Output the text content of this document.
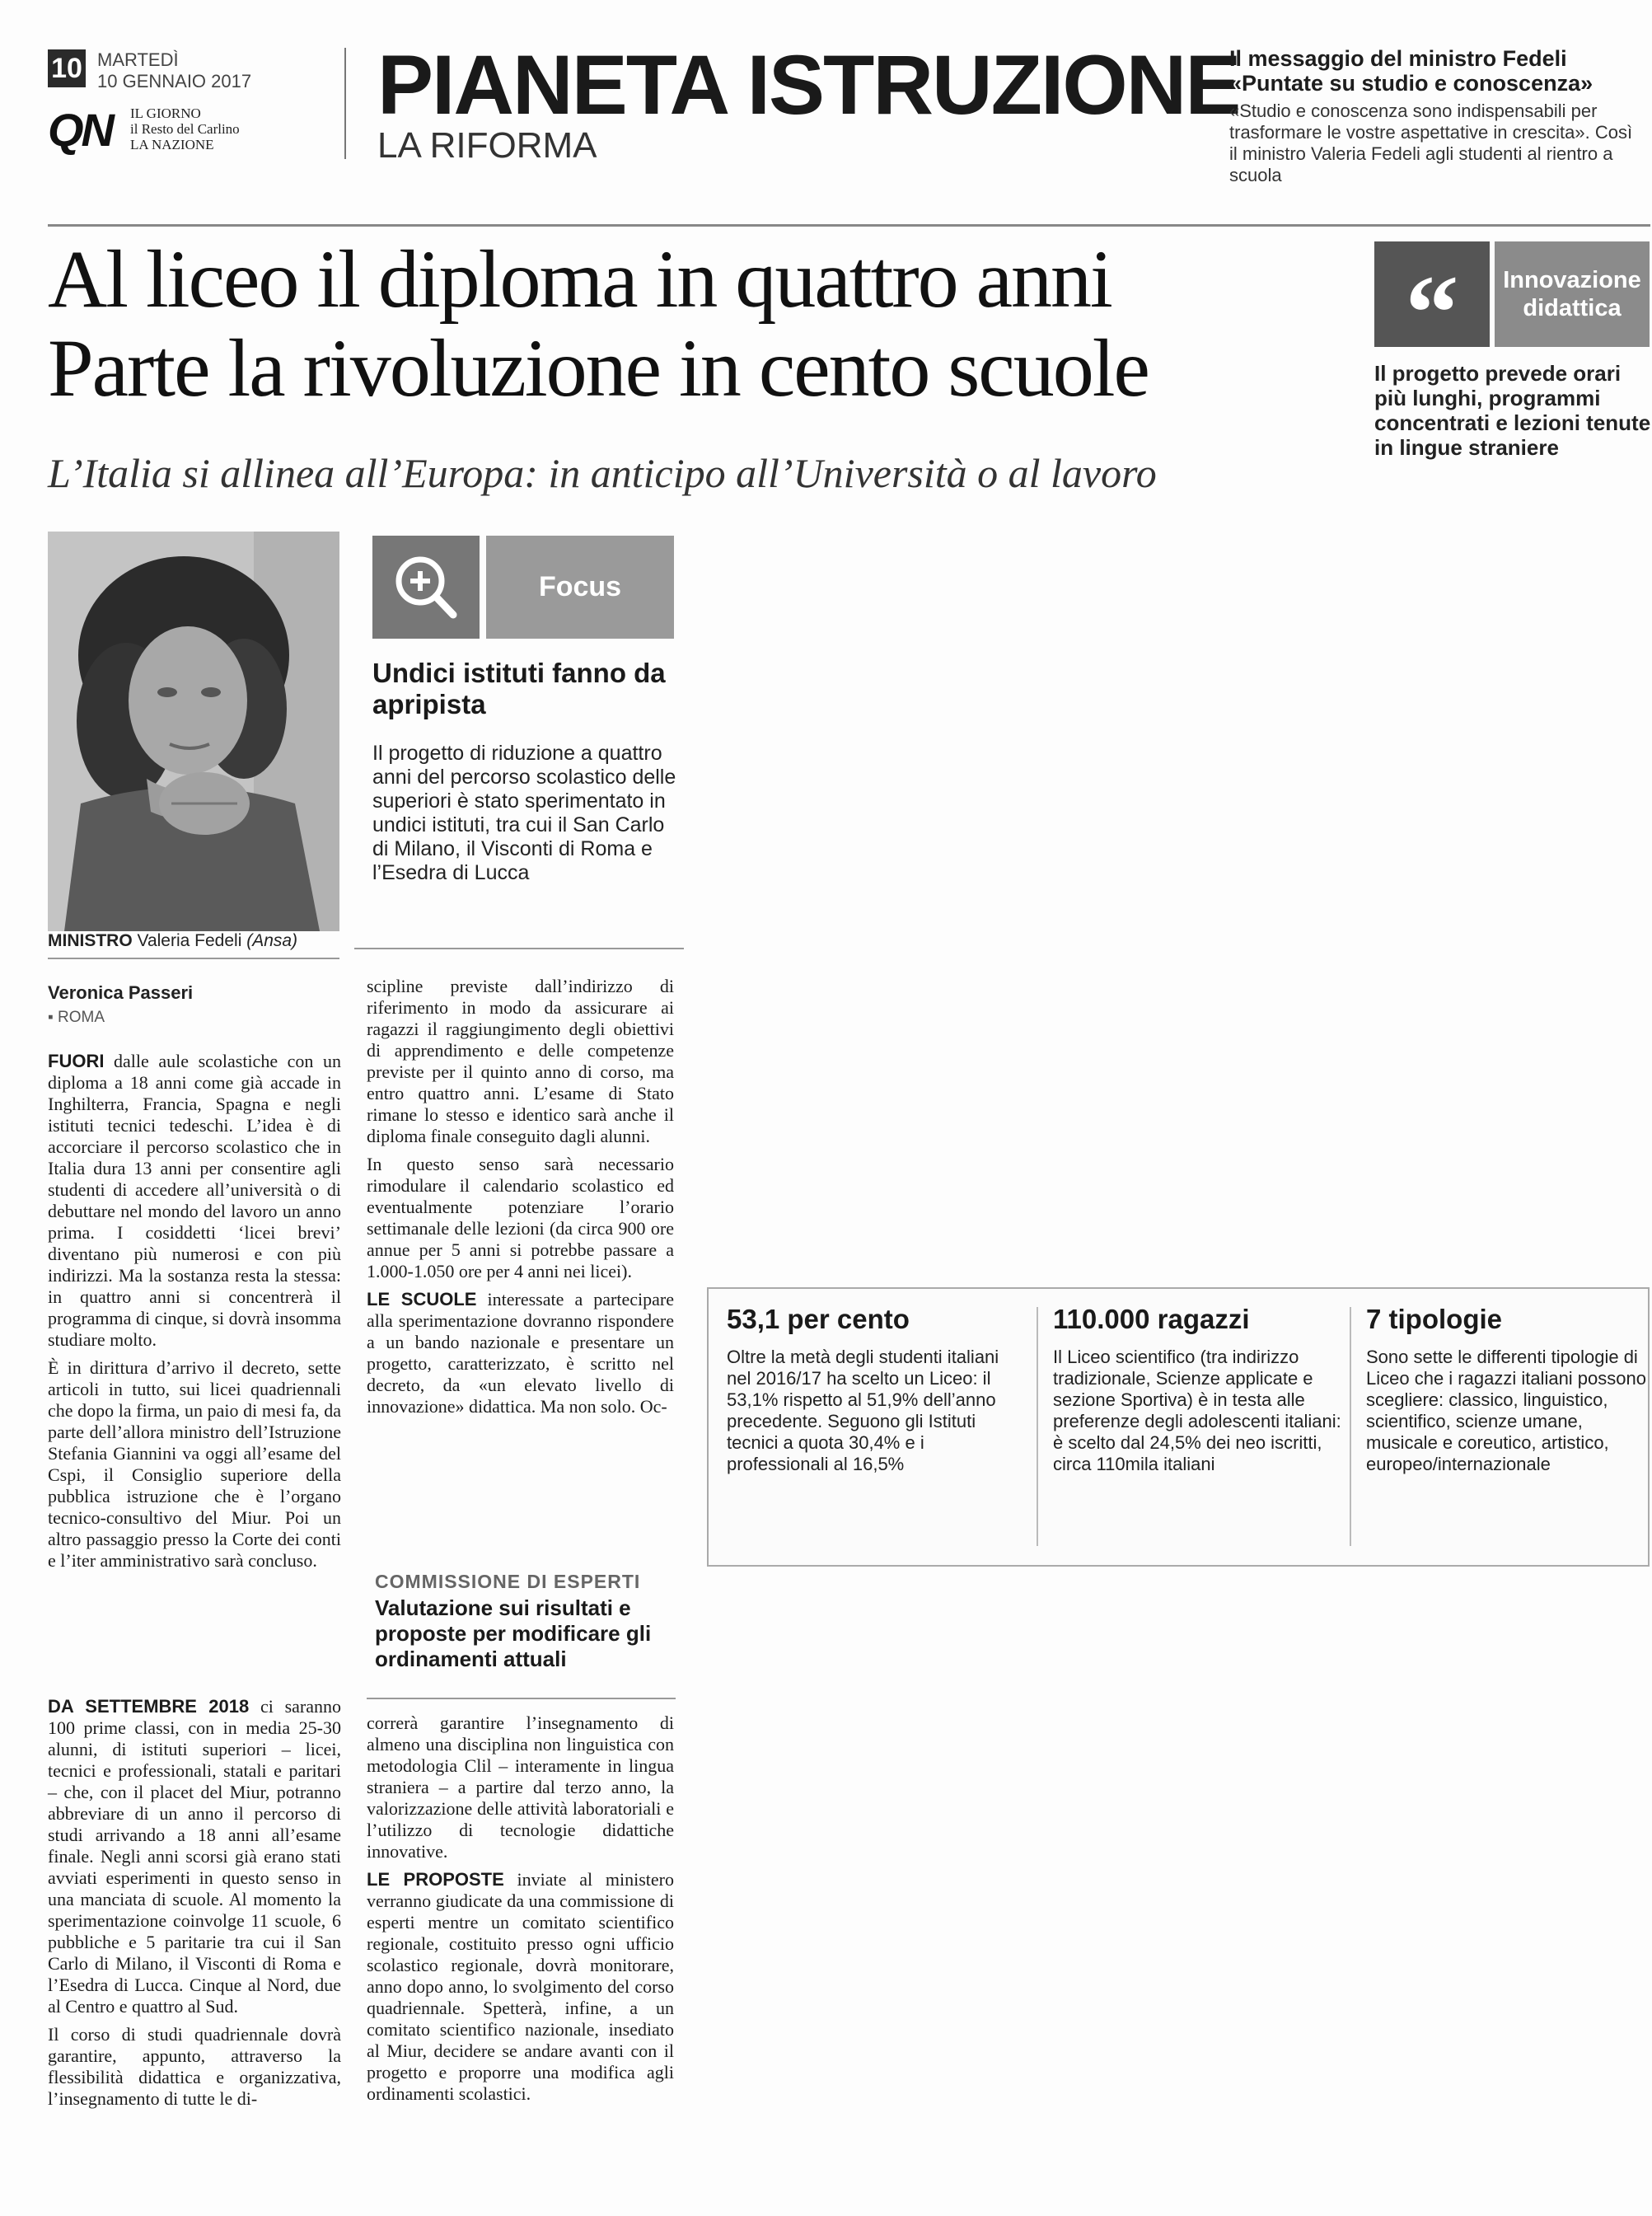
10 MARTEDÌ
10 GENNAIO 2017
QN IL GIORNO
il Resto del Carlino
LA NAZIONE
PIANETA ISTRUZIONE
LA RIFORMA
Il messaggio del ministro Fedeli
«Puntate su studio e conoscenza»
«Studio e conoscenza sono indispensabili per trasformare le vostre aspettative in crescita». Così il ministro Valeria Fedeli agli studenti al rientro a scuola
Al liceo il diploma in quattro anni
Parte la rivoluzione in cento scuole
L’Italia si allinea all’Europa: in anticipo all’Università o al lavoro
“	Innovazione didattica
Il progetto prevede orari più lunghi, programmi concentrati e lezioni tenute in lingue straniere
MINISTRO Valeria Fedeli (Ansa)
Focus
Undici istituti fanno da apripista
Il progetto di riduzione a quattro anni del percorso scolastico delle superiori è stato sperimentato in undici istituti, tra cui il San Carlo di Milano, il Visconti di Roma e l’Esedra di Lucca
Veronica Passeri
▪ ROMA

FUORI dalle aule scolastiche con un diploma a 18 anni come già accade in Inghilterra, Francia, Spagna e negli istituti tecnici tedeschi. L’idea è di accorciare il percorso scolastico che in Italia dura 13 anni per consentire agli studenti di accedere all’università o di debuttare nel mondo del lavoro un anno prima. I cosiddetti ‘licei brevi’ diventano più numerosi e con più indirizzi. Ma la sostanza resta la stessa: in quattro anni si concentrerà il programma di cinque, si dovrà insomma studiare molto.

È in dirittura d’arrivo il decreto, sette articoli in tutto, sui licei quadriennali che dopo la firma, un paio di mesi fa, da parte dell’allora ministro dell’Istruzione Stefania Giannini va oggi all’esame del Cspi, il Consiglio superiore della pubblica istruzione che è l’organo tecnico-consultivo del Miur. Poi un altro passaggio presso la Corte dei conti e l’iter amministrativo sarà concluso.

DA SETTEMBRE 2018 ci saranno 100 prime classi, con in media 25-30 alunni, di istituti superiori – licei, tecnici e professionali, statali e paritari – che, con il placet del Miur, potranno abbreviare di un anno il percorso di studi arrivando a 18 anni all’esame finale. Negli anni scorsi già erano stati avviati esperimenti in questo senso in una manciata di scuole. Al momento la sperimentazione coinvolge 11 scuole, 6 pubbliche e 5 paritarie tra cui il San Carlo di Milano, il Visconti di Roma e l’Esedra di Lucca. Cinque al Nord, due al Centro e quattro al Sud.

Il corso di studi quadriennale dovrà garantire, appunto, attraverso la flessibilità didattica e organizzativa, l’insegnamento di tutte le di-

scipline previste dall’indirizzo di riferimento in modo da assicurare ai ragazzi il raggiungimento degli obiettivi di apprendimento e delle competenze previste per il quinto anno di corso, ma entro quattro anni. L’esame di Stato rimane lo stesso e identico sarà anche il diploma finale conseguito dagli alunni.

In questo senso sarà necessario rimodulare il calendario scolastico ed eventualmente potenziare l’orario settimanale delle lezioni (da circa 900 ore annue per 5 anni si potrebbe passare a 1.000-1.050 ore per 4 anni nei licei).

LE SCUOLE interessate a partecipare alla sperimentazione dovranno rispondere a un bando nazionale e presentare un progetto, caratterizzato, è scritto nel decreto, da «un elevato livello di innovazione» didattica. Ma non solo. Oc-

COMMISSIONE DI ESPERTI
Valutazione sui risultati e proposte per modificare gli ordinamenti attuali

correrà garantire l’insegnamento di almeno una disciplina non linguistica con metodologia Clil – interamente in lingua straniera – a partire dal terzo anno, la valorizzazione delle attività laboratoriali e l’utilizzo di tecnologie didattiche innovative.

LE PROPOSTE inviate al ministero verranno giudicate da una commissione di esperti mentre un comitato scientifico regionale, costituito presso ogni ufficio scolastico regionale, dovrà monitorare, anno dopo anno, lo svolgimento del corso quadriennale. Spetterà, infine, a un comitato scientifico nazionale, insediato al Miur, decidere se andare avanti con il progetto e proporre una modifica agli ordinamenti scolastici.

53,1 per cento
Oltre la metà degli studenti italiani nel 2016/17 ha scelto un Liceo: il 53,1% rispetto al 51,9% dell’anno precedente. Seguono gli Istituti tecnici a quota 30,4% e i professionali al 16,5%
110.000 ragazzi
Il Liceo scientifico (tra indirizzo tradizionale, Scienze applicate e sezione Sportiva) è in testa alle preferenze degli adolescenti italiani: è scelto dal 24,5% dei neo iscritti, circa 110mila italiani
7 tipologie
Sono sette le differenti tipologie di Liceo che i ragazzi italiani possono scegliere: classico, linguistico, scientifico, scienze umane, musicale e coreutico, artistico, europeo/internazionale
